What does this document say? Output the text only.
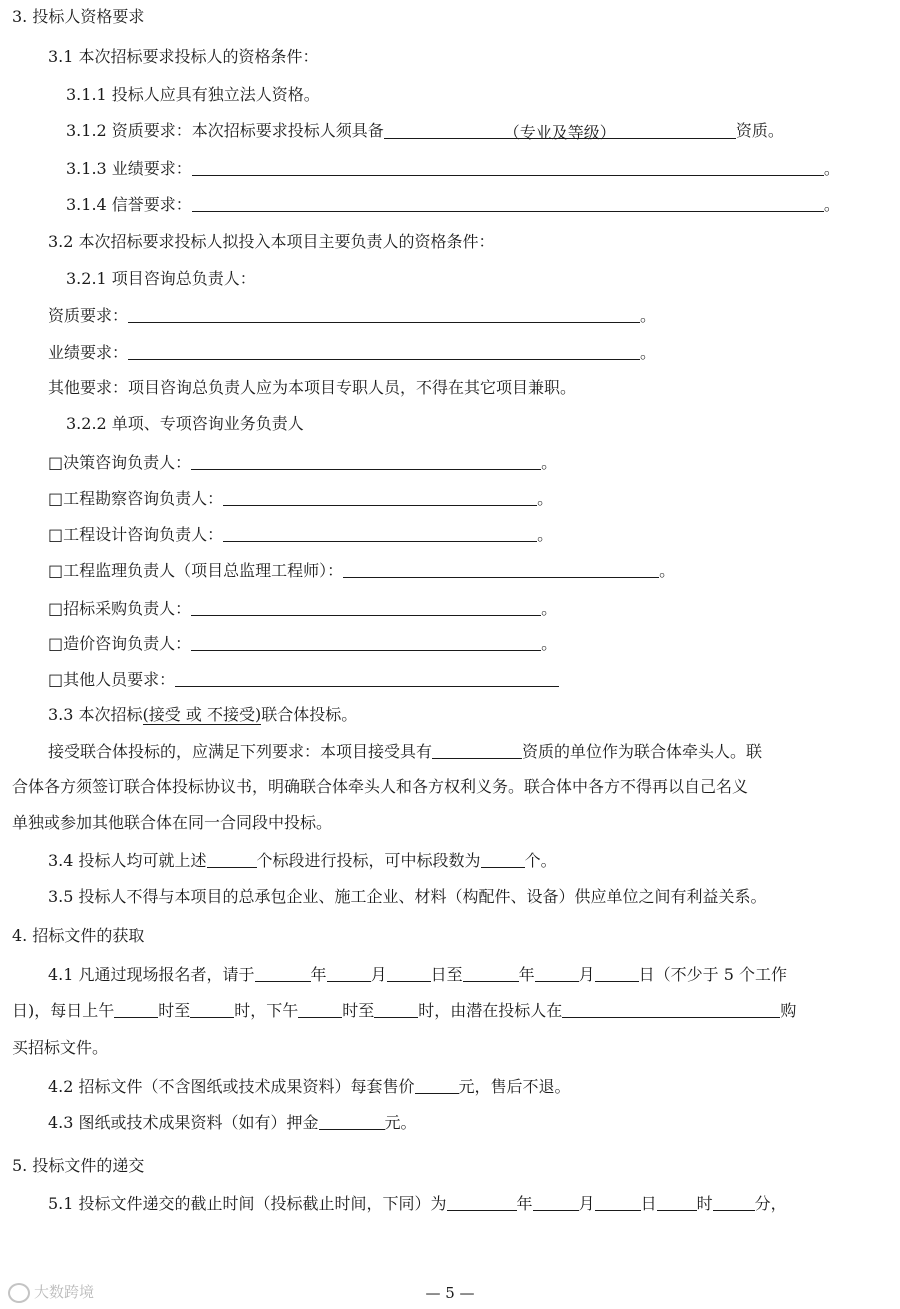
3. 投标人资格要求
3.1 本次招标要求投标人的资格条件：
3.1.1 投标人应具有独立法人资格。
3.1.2 资质要求：本次招标要求投标人须具备	（专业及等级）	资质。
3.1.3 业绩要求：	。
3.1.4 信誉要求：	。
3.2 本次招标要求投标人拟投入本项目主要负责人的资格条件：
3.2.1 项目咨询总负责人：
资质要求：	。
业绩要求：	。
其他要求：项目咨询总负责人应为本项目专职人员，不得在其它项目兼职。
3.2.2 单项、专项咨询业务负责人
□决策咨询负责人：	。
□工程勘察咨询负责人：	。
□工程设计咨询负责人：	。
□工程监理负责人（项目总监理工程师）：	。
□招标采购负责人：	。
□造价咨询负责人：	。
□其他人员要求：
3.3 本次招标(接受 或 不接受)联合体投标。
接受联合体投标的，应满足下列要求：本项目接受具有	资质的单位作为联合体牵头人。联
合体各方须签订联合体投标协议书，明确联合体牵头人和各方权利义务。联合体中各方不得再以自己名义
单独或参加其他联合体在同一合同段中投标。
3.4 投标人均可就上述	个标段进行投标，可中标段数为	个。
3.5 投标人不得与本项目的总承包企业、施工企业、材料（构配件、设备）供应单位之间有利益关系。
4. 招标文件的获取
4.1 凡通过现场报名者，请于	年	月	日至	年	月	日（不少于 5 个工作
日)，每日上午	时至	时，下午	时至	时，由潜在投标人在	购
买招标文件。
4.2 招标文件（不含图纸或技术成果资料）每套售价	元，售后不退。
4.3 图纸或技术成果资料（如有）押金	元。
5. 投标文件的递交
5.1 投标文件递交的截止时间（投标截止时间，下同）为	年	月	日	时	分，
— 5 —
大数跨境
